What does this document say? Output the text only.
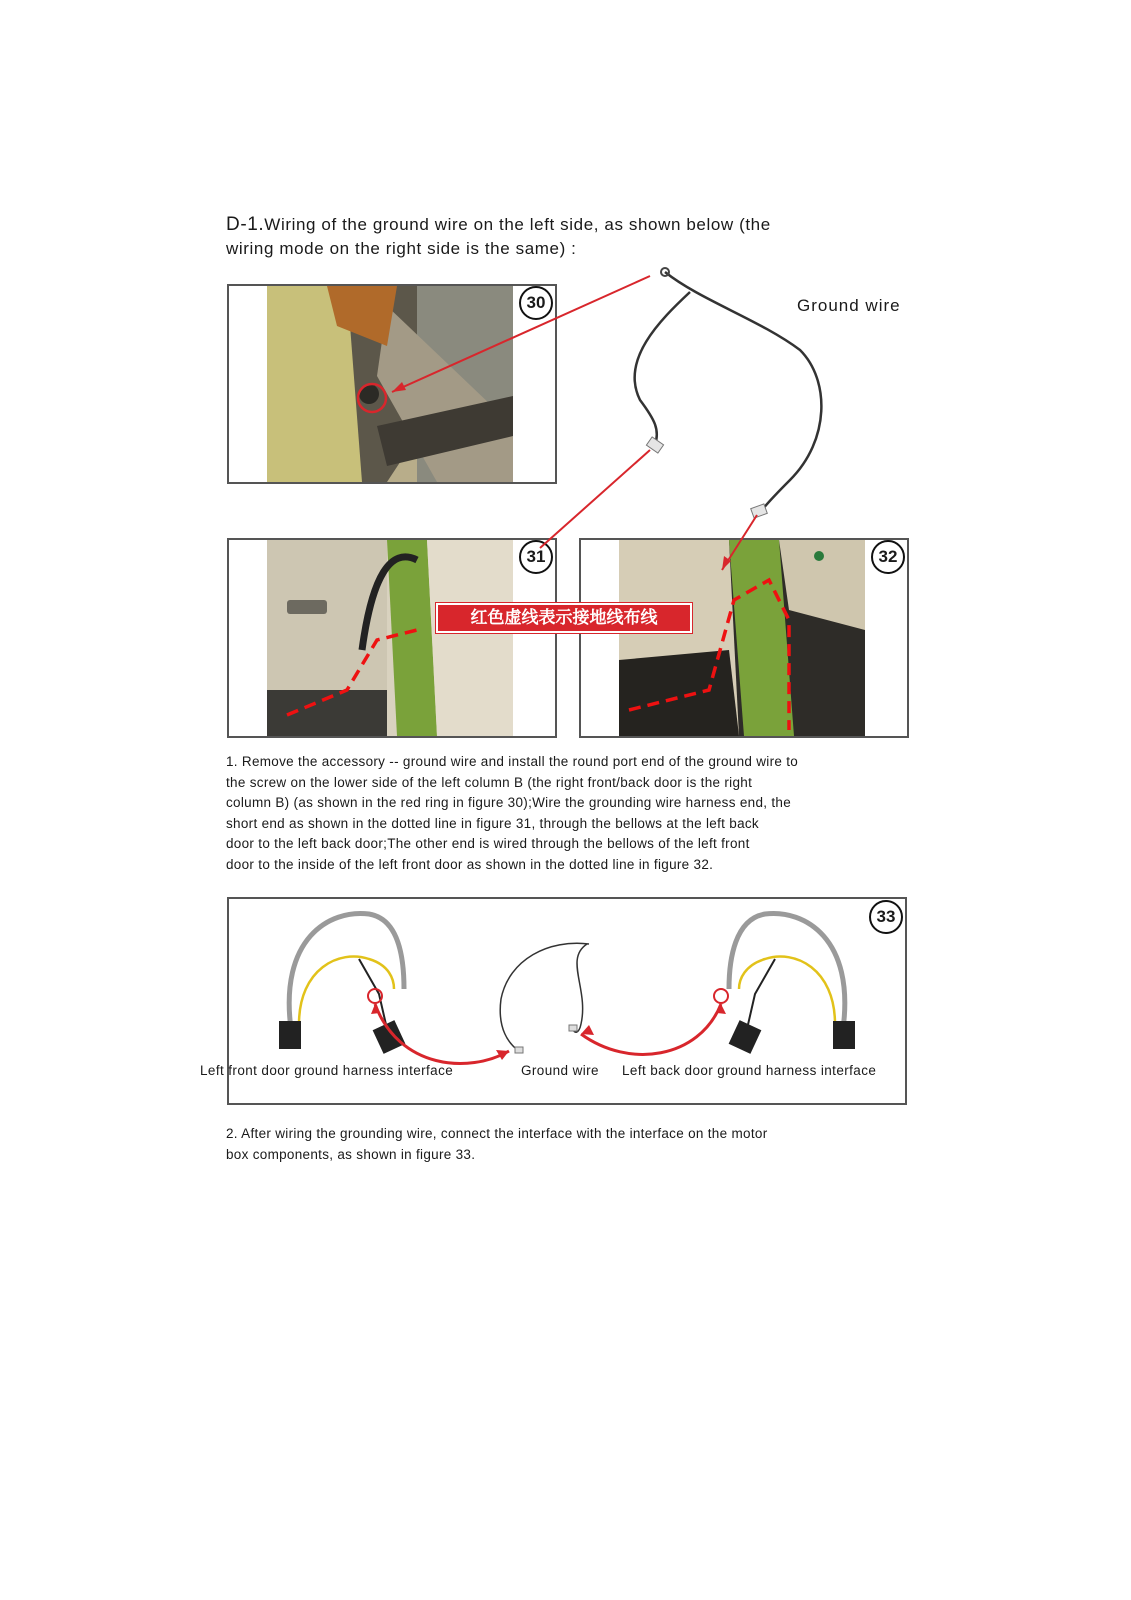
D-1.Wiring of the ground wire on the left side, as shown below (the
wiring mode on the right side is the same) :
Ground wire
30
31	32
红色虚线表示接地线布线
1. Remove the accessory -- ground wire and install the round port end of the ground wire to
the screw on the lower side of the left column B (the right front/back door is the right
column B) (as shown in the red ring in figure 30);Wire the grounding wire harness end, the
short end as shown in the dotted line in figure 31, through the bellows at the left back
door to the left back door;The other end is wired through the bellows of the left front
door to the inside of the left front door as shown in the dotted line in figure 32.
33
Left front door ground harness interface	Ground wire Left back door ground harness interface
2. After wiring the grounding wire, connect the interface with the interface on the motor
box components, as shown in figure 33.
